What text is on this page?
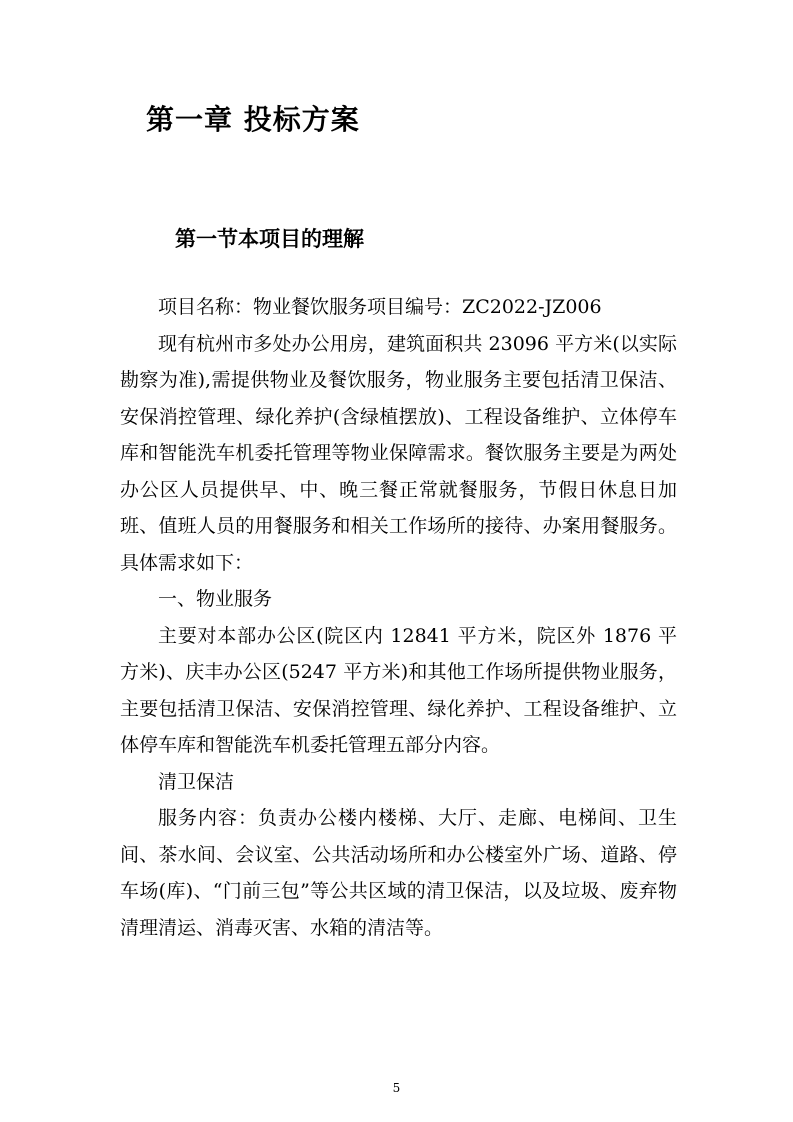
第一章 投标方案
第一节本项目的理解

项目名称：物业餐饮服务项目编号：ZC2022-JZ006

现有杭州市多处办公用房，建筑面积共 23096 平方米(以实际勘察为准),需提供物业及餐饮服务，物业服务主要包括清卫保洁、安保消控管理、绿化养护(含绿植摆放)、工程设备维护、立体停车库和智能洗车机委托管理等物业保障需求。餐饮服务主要是为两处办公区人员提供早、中、晚三餐正常就餐服务，节假日休息日加班、值班人员的用餐服务和相关工作场所的接待、办案用餐服务。具体需求如下：

一、物业服务

主要对本部办公区(院区内 12841 平方米，院区外 1876 平方米)、庆丰办公区(5247 平方米)和其他工作场所提供物业服务，主要包括清卫保洁、安保消控管理、绿化养护、工程设备维护、立体停车库和智能洗车机委托管理五部分内容。

清卫保洁

服务内容：负责办公楼内楼梯、大厅、走廊、电梯间、卫生间、茶水间、会议室、公共活动场所和办公楼室外广场、道路、停车场(库)、“门前三包”等公共区域的清卫保洁，以及垃圾、废弃物清理清运、消毒灭害、水箱的清洁等。

5
